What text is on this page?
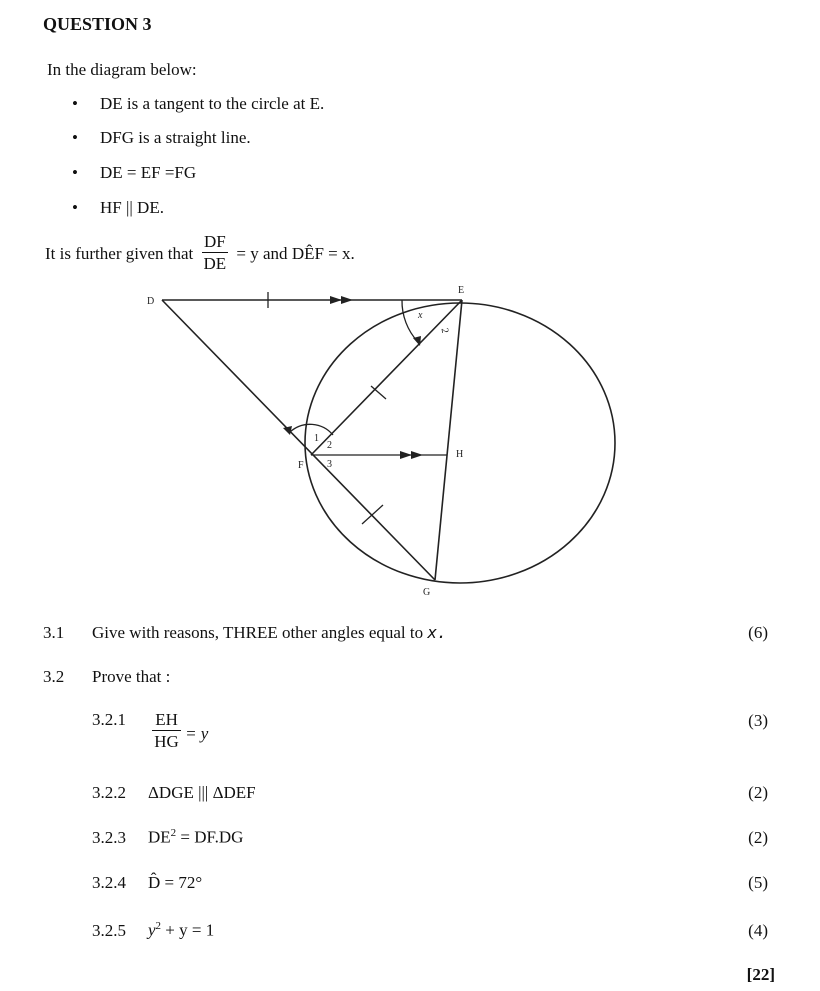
QUESTION 3
In the diagram below:
• DE is a tangent to the circle at E.
• DFG is a straight line.
• DE = EF =FG
• HF || DE.
It is further given that $\frac{DF}{DE} = y$ and DÊF = x.
x
2
1
2
3
D
E
F
G
H
3.1 Give with reasons, THREE other angles equal to x.	(6)
3.2 Prove that :
$3.2.1 \frac{EH}{HG} = y$
(3)
3.2.2 ΔDGE ||| ΔDEF	(2)
3.2.3 $DE^2 = DF.DG$	(2)
3.2.4 D̂ = 72°	(5)
3.2.5 $y^2 + y = 1$	(4)
[22]
